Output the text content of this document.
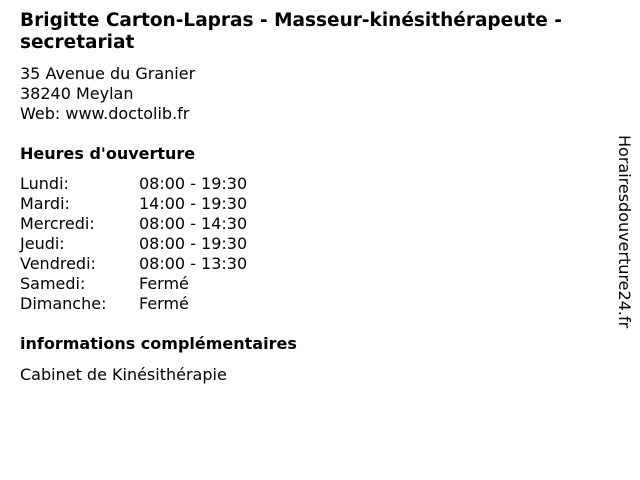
Brigitte Carton-Lapras - Masseur-kinésithérapeute - secretariat
35 Avenue du Granier
38240 Meylan
Web: www.doctolib.fr
Heures d'ouverture
Lundi:	08:00 - 19:30
Mardi:	14:00 - 19:30
Mercredi:	08:00 - 14:30
Jeudi:	08:00 - 19:30
Vendredi:	08:00 - 13:30
Samedi:	Fermé
Dimanche: Fermé
informations complémentaires
Cabinet de Kinésithérapie
Horairesdouverture24.fr
